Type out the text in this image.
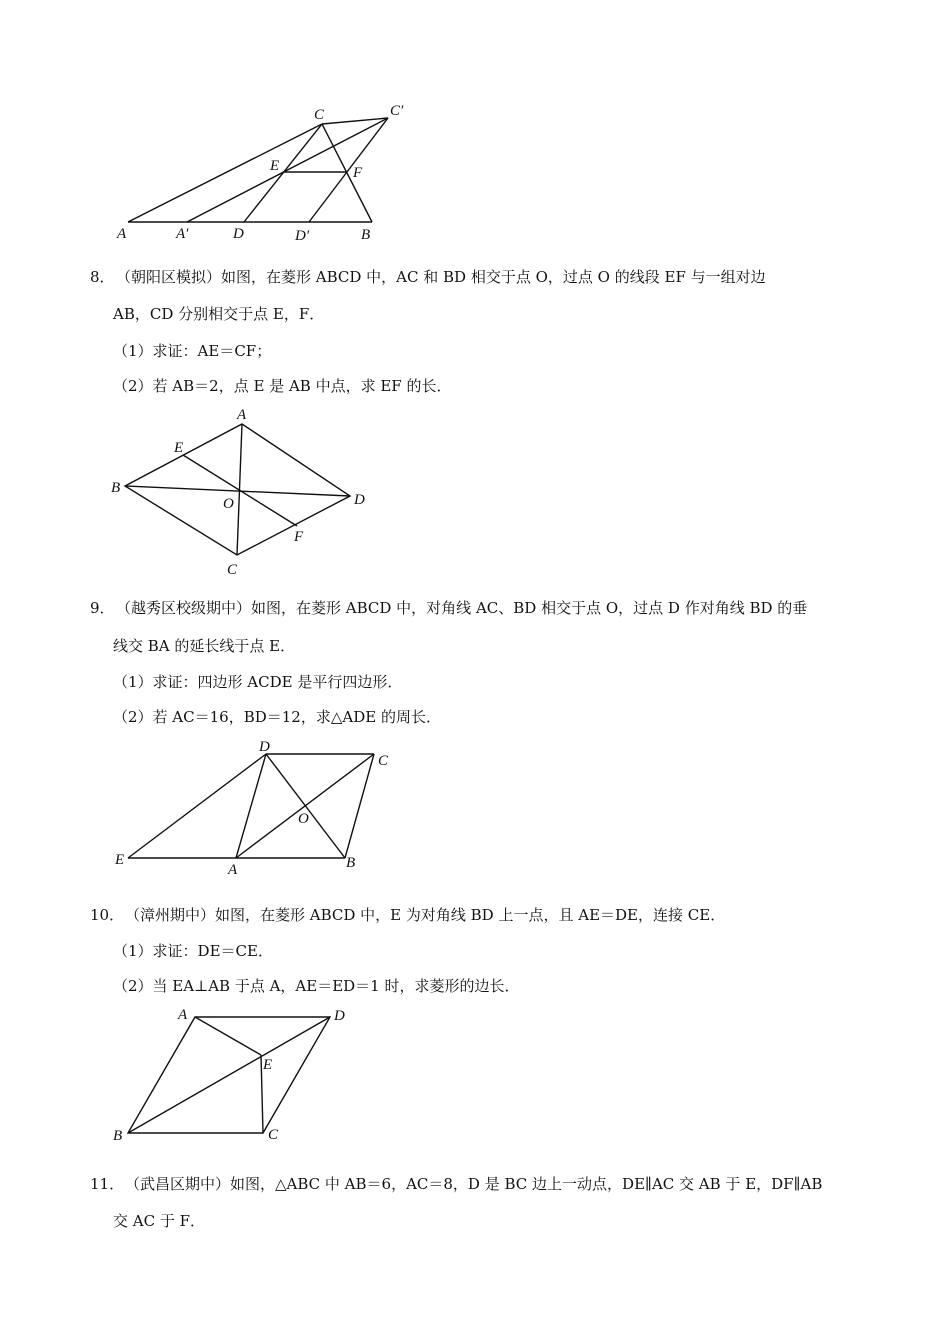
A	A′	D	D′	B
C	C′
E	F
8． （朝阳区模拟）如图，在菱形 ABCD 中，AC 和 BD 相交于点 O，过点 O 的线段 EF 与一组对边
AB，CD 分别相交于点 E，F．
（1）求证：AE＝CF；
（2）若 AB＝2，点 E 是 AB 中点，求 EF 的长．
A
B
C
D
E
F
O
9． （越秀区校级期中）如图，在菱形 ABCD 中，对角线 AC、BD 相交于点 O，过点 D 作对角线 BD 的垂
线交 BA 的延长线于点 E．
（1）求证：四边形 ACDE 是平行四边形．
（2）若 AC＝16，BD＝12，求△ADE 的周长．
D
C
O
E
A	B
10． （漳州期中）如图，在菱形 ABCD 中，E 为对角线 BD 上一点，且 AE＝DE，连接 CE．
（1）求证：DE＝CE．
（2）当 EA⊥AB 于点 A，AE＝ED＝1 时，求菱形的边长．
A	D
E
B	C
11． （武昌区期中）如图，△ABC 中 AB＝6，AC＝8，D 是 BC 边上一动点，DE∥AC 交 AB 于 E，DF∥AB
交 AC 于 F．
